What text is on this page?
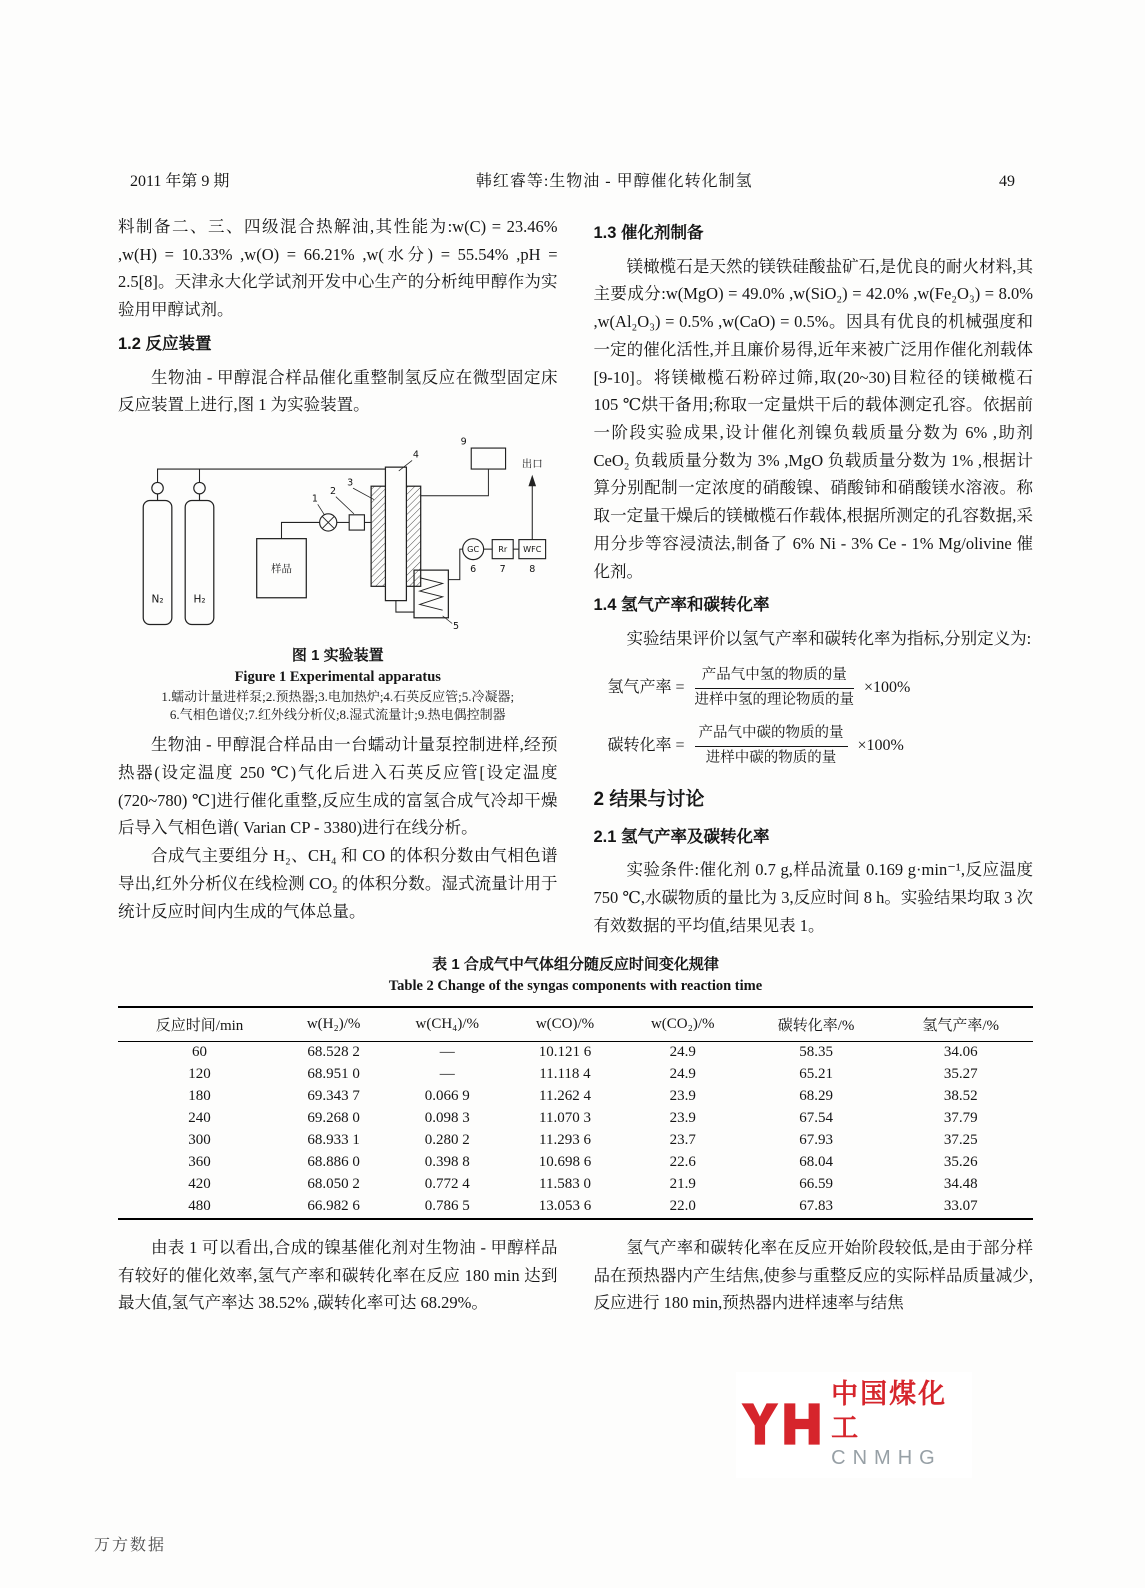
2011 年第 9 期	韩红睿等:生物油 - 甲醇催化转化制氢	49

料制备二、三、四级混合热解油,其性能为:w(C) = 23.46% ,w(H) = 10.33% ,w(O) = 66.21% ,w(水分) = 55.54% ,pH = 2.5[8]。天津永大化学试剂开发中心生产的分析纯甲醇作为实验用甲醇试剂。

1.2 反应装置

生物油 - 甲醇混合样品催化重整制氢反应在微型固定床反应装置上进行,图 1 为实验装置。

N₂	H₂
样品
GC Rr WFC
出口
1
2
3
4
5
6 7 8
9
图 1 实验装置
Figure 1 Experimental apparatus
1.蠕动计量进样泵;2.预热器;3.电加热炉;4.石英反应管;5.冷凝器;
6.气相色谱仪;7.红外线分析仪;8.湿式流量计;9.热电偶控制器

生物油 - 甲醇混合样品由一台蠕动计量泵控制进样,经预热器(设定温度 250 ℃)气化后进入石英反应管[设定温度(720~780) ℃]进行催化重整,反应生成的富氢合成气冷却干燥后导入气相色谱( Varian CP - 3380)进行在线分析。

合成气主要组分 H₂、CH₄ 和 CO 的体积分数由气相色谱导出,红外分析仪在线检测 CO₂ 的体积分数。湿式流量计用于统计反应时间内生成的气体总量。

1.3 催化剂制备

镁橄榄石是天然的镁铁硅酸盐矿石,是优良的耐火材料,其主要成分:w(MgO) = 49.0% ,w(SiO₂) = 42.0% ,w(Fe₂O₃) = 8.0% ,w(Al₂O₃) = 0.5% ,w(CaO) = 0.5%。因具有优良的机械强度和一定的催化活性,并且廉价易得,近年来被广泛用作催化剂载体[9-10]。将镁橄榄石粉碎过筛,取(20~30)目粒径的镁橄榄石 105 ℃烘干备用;称取一定量烘干后的载体测定孔容。依据前一阶段实验成果,设计催化剂镍负载质量分数为 6% ,助剂 CeO₂ 负载质量分数为 3% ,MgO 负载质量分数为 1% ,根据计算分别配制一定浓度的硝酸镍、硝酸铈和硝酸镁水溶液。称取一定量干燥后的镁橄榄石作载体,根据所测定的孔容数据,采用分步等容浸渍法,制备了 6% Ni - 3% Ce - 1% Mg/olivine 催化剂。

1.4 氢气产率和碳转化率

实验结果评价以氢气产率和碳转化率为指标,分别定义为:

氢气产率 = $\frac{\text{产品气中氢的物质的量}}{\text{进样中氢的理论物质的量}} \times 100\%$
碳转化率 = $\frac{\text{产品气中碳的物质的量}}{\text{进样中碳的物质的量}} \times 100\%$
2 结果与讨论
2.1 氢气产率及碳转化率

实验条件:催化剂 0.7 g,样品流量 0.169 g·min⁻¹,反应温度 750 ℃,水碳物质的量比为 3,反应时间 8 h。实验结果均取 3 次有效数据的平均值,结果见表 1。

表 1 合成气中气体组分随反应时间变化规律
Table 2 Change of the syngas components with reaction time
反应时间/min	w(H₂)/%	w(CH₄)/%	w(CO)/%	w(CO₂)/%	碳转化率/%	氢气产率/%
60	68.528 2	—	10.121 6	24.9	58.35	34.06
120	68.951 0	—	11.118 4	24.9	65.21	35.27
180	69.343 7	0.066 9	11.262 4	23.9	68.29	38.52
240	69.268 0	0.098 3	11.070 3	23.9	67.54	37.79
300	68.933 1	0.280 2	11.293 6	23.7	67.93	37.25
360	68.886 0	0.398 8	10.698 6	22.6	68.04	35.26
420	68.050 2	0.772 4	11.583 0	21.9	66.59	34.48
480	66.982 6	0.786 5	13.053 6	22.0	67.83	33.07

由表 1 可以看出,合成的镍基催化剂对生物油 - 甲醇样品有较好的催化效率,氢气产率和碳转化率在反应 180 min 达到最大值,氢气产率达 38.52% ,碳转化率可达 68.29%。

氢气产率和碳转化率在反应开始阶段较低,是由于部分样品在预热器内产生结焦,使参与重整反应的实际样品质量减少,反应进行 180 min,预热器内进样速率与结焦

中国煤化工
CNMHG
万方数据
